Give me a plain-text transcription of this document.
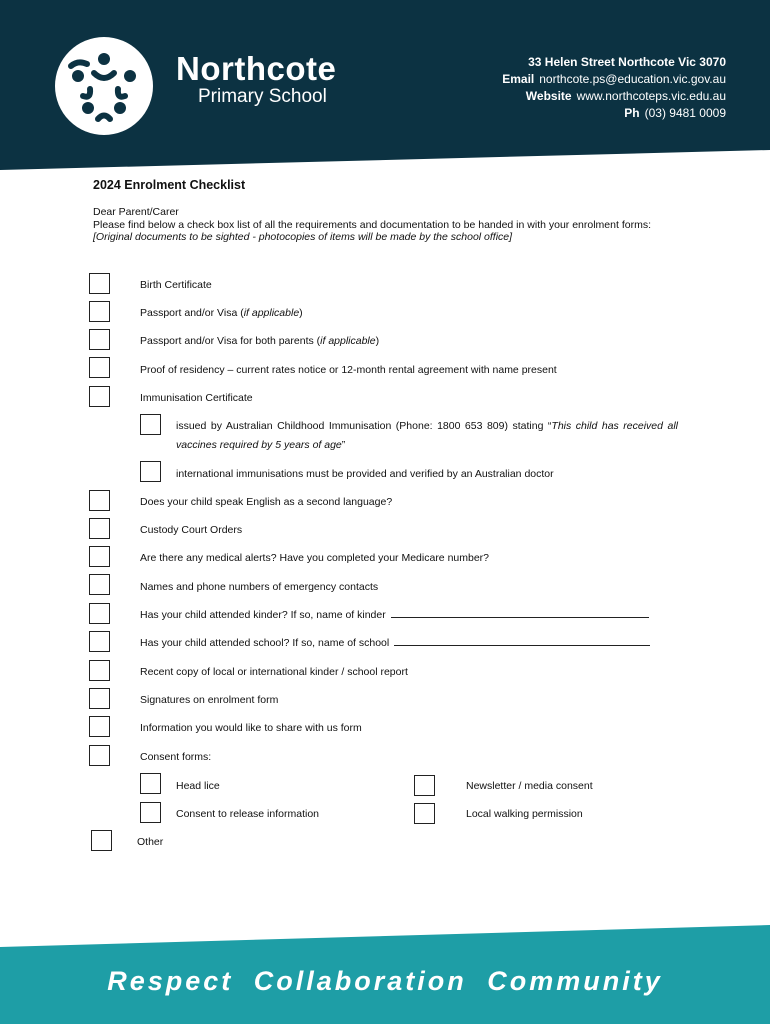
Northcote
Primary School
33 Helen Street Northcote Vic 3070
Email northcote.ps@education.vic.gov.au
Website www.northcoteps.vic.edu.au
Ph (03) 9481 0009
2024 Enrolment Checklist
Dear Parent/Carer
Please find below a check box list of all the requirements and documentation to be handed in with your enrolment forms:
[Original documents to be sighted - photocopies of items will be made by the school office]
Birth Certificate
Passport and/or Visa (if applicable)
Passport and/or Visa for both parents (if applicable)
Proof of residency – current rates notice or 12-month rental agreement with name present
Immunisation Certificate
issued by Australian Childhood Immunisation (Phone: 1800 653 809) stating “This child has received all vaccines required by 5 years of age”
international immunisations must be provided and verified by an Australian doctor
Does your child speak English as a second language?
Custody Court Orders
Are there any medical alerts? Have you completed your Medicare number?
Names and phone numbers of emergency contacts
Has your child attended kinder? If so, name of kinder
Has your child attended school? If so, name of school
Recent copy of local or international kinder / school report
Signatures on enrolment form
Information you would like to share with us form
Consent forms:
Head lice	Newsletter / media consent
Consent to release information	Local walking permission
Other
Respect Collaboration Community
